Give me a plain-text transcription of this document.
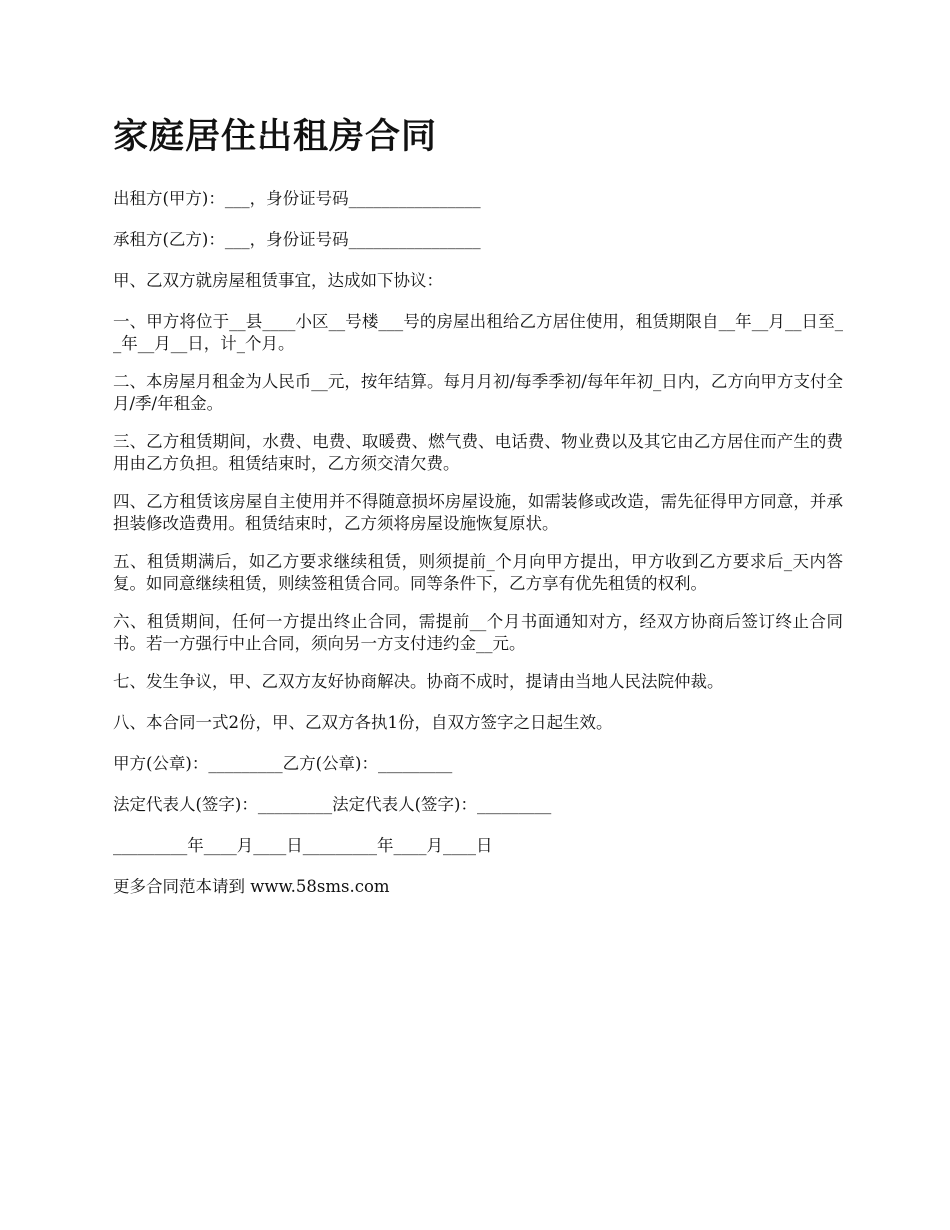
家庭居住出租房合同

出租方(甲方)：___，身份证号码________________

承租方(乙方)：___，身份证号码________________

甲、乙双方就房屋租赁事宜，达成如下协议：

一、甲方将位于__县____小区__号楼___号的房屋出租给乙方居住使用，租赁期限自__年__月__日至__年__月__日，计_个月。

二、本房屋月租金为人民币__元，按年结算。每月月初/每季季初/每年年初_日内，乙方向甲方支付全月/季/年租金。

三、乙方租赁期间，水费、电费、取暖费、燃气费、电话费、物业费以及其它由乙方居住而产生的费用由乙方负担。租赁结束时，乙方须交清欠费。

四、乙方租赁该房屋自主使用并不得随意损坏房屋设施，如需装修或改造，需先征得甲方同意，并承担装修改造费用。租赁结束时，乙方须将房屋设施恢复原状。

五、租赁期满后，如乙方要求继续租赁，则须提前_个月向甲方提出，甲方收到乙方要求后_天内答复。如同意继续租赁，则续签租赁合同。同等条件下，乙方享有优先租赁的权利。

六、租赁期间，任何一方提出终止合同，需提前__个月书面通知对方，经双方协商后签订终止合同书。若一方强行中止合同，须向另一方支付违约金__元。

七、发生争议，甲、乙双方友好协商解决。协商不成时，提请由当地人民法院仲裁。

八、本合同一式2份，甲、乙双方各执1份，自双方签字之日起生效。

甲方(公章)：_________乙方(公章)：_________

法定代表人(签字)：_________法定代表人(签字)：_________

_________年____月____日_________年____月____日

更多合同范本请到 www.58sms.com
